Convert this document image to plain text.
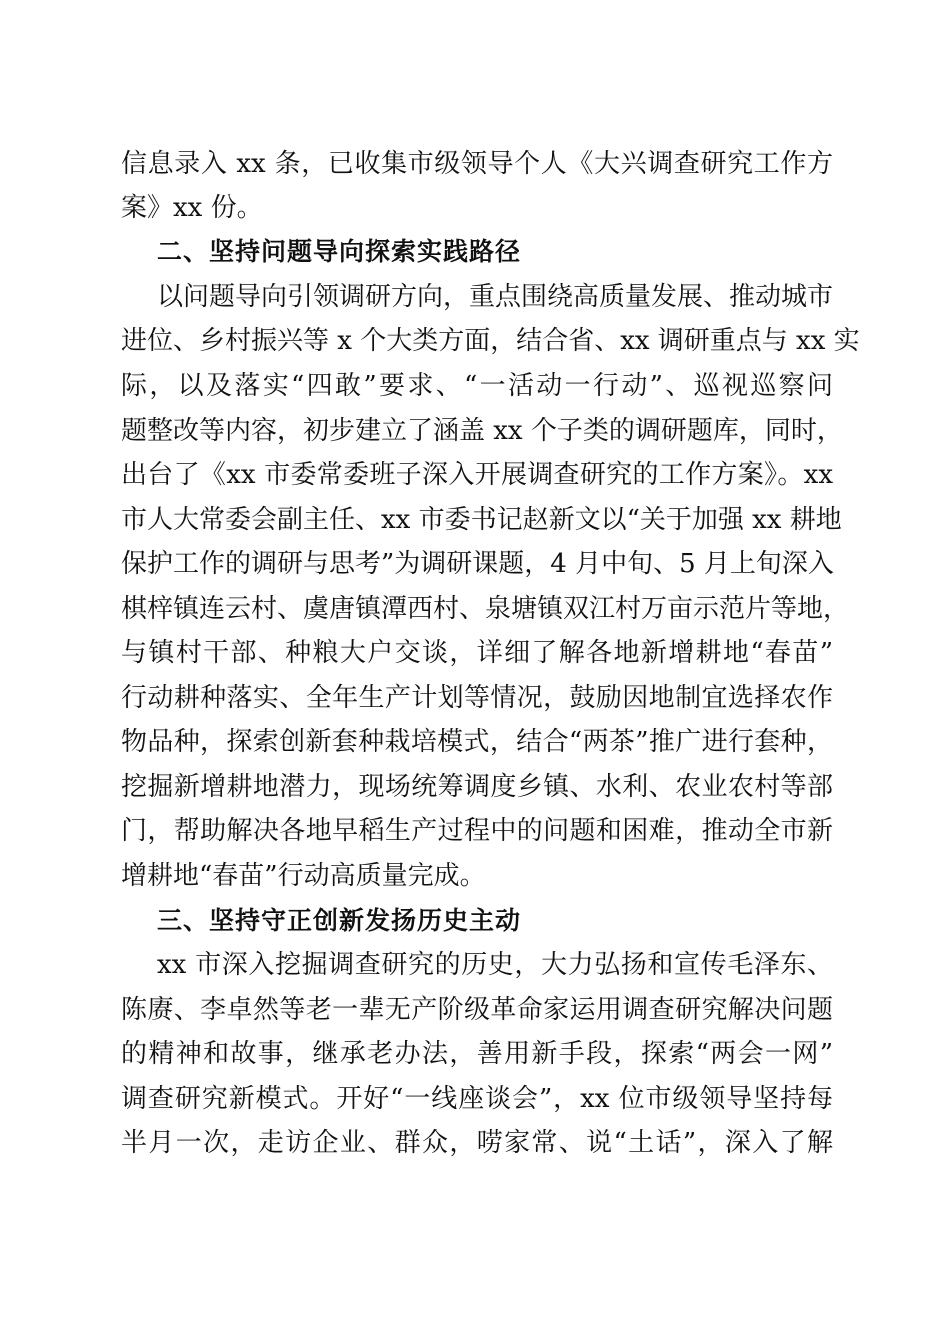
信息录入 xx 条，已收集市级领导个人《大兴调查研究工作方
案》xx 份。
二、坚持问题导向探索实践路径
以问题导向引领调研方向，重点围绕高质量发展、推动城市
进位、乡村振兴等 x 个大类方面，结合省、xx 调研重点与 xx 实
际，以及落实“四敢”要求、“一活动一行动”、巡视巡察问
题整改等内容，初步建立了涵盖 xx 个子类的调研题库，同时，
出台了《xx 市委常委班子深入开展调查研究的工作方案》。xx
市人大常委会副主任、xx 市委书记赵新文以“关于加强 xx 耕地
保护工作的调研与思考”为调研课题，4 月中旬、5 月上旬深入
棋梓镇连云村、虞唐镇潭西村、泉塘镇双江村万亩示范片等地，
与镇村干部、种粮大户交谈，详细了解各地新增耕地“春苗”
行动耕种落实、全年生产计划等情况，鼓励因地制宜选择农作
物品种，探索创新套种栽培模式，结合“两茶”推广进行套种，
挖掘新增耕地潜力，现场统筹调度乡镇、水利、农业农村等部
门，帮助解决各地早稻生产过程中的问题和困难，推动全市新
增耕地“春苗”行动高质量完成。
三、坚持守正创新发扬历史主动
xx 市深入挖掘调查研究的历史，大力弘扬和宣传毛泽东、
陈赓、李卓然等老一辈无产阶级革命家运用调查研究解决问题
的精神和故事，继承老办法，善用新手段，探索“两会一网”
调查研究新模式。开好“一线座谈会”，xx 位市级领导坚持每
半月一次，走访企业、群众，唠家常、说“土话”，深入了解
